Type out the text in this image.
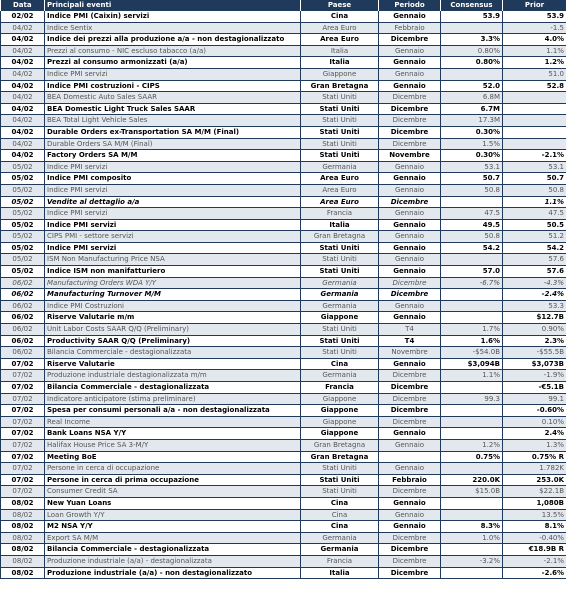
Data	Principali eventi	Paese	Periodo	Consensus	Prior
02/02	Indice PMI (Caixin) servizi	Cina	Gennaio	53.9	53.9
04/02	Indice Sentix	Area Euro	Febbraio		-1.5
04/02	Indice dei prezzi alla produzione a/a - non destagionalizzato	Area Euro	Dicembre	3.3%	4.0%
04/02	Prezzi al consumo - NIC escluso tabacco (a/a)	Italia	Gennaio	0.80%	1.1%
04/02	Prezzi al consumo armonizzati (a/a)	Italia	Gennaio	0.80%	1.2%
04/02	Indice PMI servizi	Giappone	Gennaio		51.0
04/02	Indice PMI costruzioni - CIPS	Gran Bretagna	Gennaio	52.0	52.8
04/02	BEA Domestic Auto Sales SAAR	Stati Uniti	Dicembre	6.8M	
04/02	BEA Domestic Light Truck Sales SAAR	Stati Uniti	Dicembre	6.7M	
04/02	BEA Total Light Vehicle Sales	Stati Uniti	Dicembre	17.3M	
04/02	Durable Orders ex-Transportation SA M/M (Final)	Stati Uniti	Dicembre	0.30%	
04/02	Durable Orders SA M/M (Final)	Stati Uniti	Dicembre	1.5%	
04/02	Factory Orders SA M/M	Stati Uniti	Novembre	0.30%	-2.1%
05/02	Indice PMI servizi	Germania	Gennaio	53.1	53.1
05/02	Indice PMI composito	Area Euro	Gennaio	50.7	50.7
05/02	Indice PMI servizi	Area Euro	Gennaio	50.8	50.8
05/02	Vendite al dettaglio a/a	Area Euro	Dicembre		1.1%
05/02	Indice PMI servizi	Francia	Gennaio	47.5	47.5
05/02	Indice PMI servizi	Italia	Gennaio	49.5	50.5
05/02	CIPS PMI - settore servizi	Gran Bretagna	Gennaio	50.8	51.2
05/02	Indice PMI servizi	Stati Uniti	Gennaio	54.2	54.2
05/02	ISM Non Manufacturing Price NSA	Stati Uniti	Gennaio		57.6
05/02	Indice ISM non manifatturiero	Stati Uniti	Gennaio	57.0	57.6
06/02	Manufacturing Orders WDA Y/Y	Germania	Dicembre	-6.7%	-4.3%
06/02	Manufacturing Turnover M/M	Germania	Dicembre		-2.4%
06/02	Indice PMI Costruzioni	Germania	Gennaio		53.3
06/02	Riserve Valutarie m/m	Giappone	Gennaio		$12.7B
06/02	Unit Labor Costs SAAR Q/Q (Preliminary)	Stati Uniti	T4	1.7%	0.90%
06/02	Productivity SAAR Q/Q (Preliminary)	Stati Uniti	T4	1.6%	2.3%
06/02	Bilancia Commerciale - destagionalizzata	Stati Uniti	Novembre	-$54.0B	-$55.5B
07/02	Riserve Valutarie	Cina	Gennaio	$3,094B	$3,073B
07/02	Produzione industriale destagionalizzata m/m	Germania	Dicembre	1.1%	-1.9%
07/02	Bilancia Commerciale - destagionalizzata	Francia	Dicembre		-€5.1B
07/02	Indicatore anticipatore (stima preliminare)	Giappone	Dicembre	99.3	99.1
07/02	Spesa per consumi personali a/a - non destagionalizzata	Giappone	Dicembre		-0.60%
07/02	Real Income	Giappone	Dicembre		0.10%
07/02	Bank Loans NSA Y/Y	Giappone	Gennaio		2.4%
07/02	Halifax House Price SA 3-M/Y	Gran Bretagna	Gennaio	1.2%	1.3%
07/02	Meeting BoE	Gran Bretagna		0.75%	0.75% R
07/02	Persone in cerca di occupazione	Stati Uniti	Gennaio		1.782K
07/02	Persone in cerca di prima occupazione	Stati Uniti	Febbraio	220.0K	253.0K
07/02	Consumer Credit SA	Stati Uniti	Dicembre	$15.0B	$22.1B
08/02	New Yuan Loans	Cina	Gennaio		1,080B
08/02	Loan Growth Y/Y	Cina	Gennaio		13.5%
08/02	M2 NSA Y/Y	Cina	Gennaio	8.3%	8.1%
08/02	Export SA M/M	Germania	Dicembre	1.0%	-0.40%
08/02	Bilancia Commerciale - destagionalizzata	Germania	Dicembre		€18.9B R
08/02	Produzione industriale (a/a) - destagionalizzata	Francia	Dicembre	-3.2%	-2.1%
08/02	Produzione industriale (a/a) - non destagionalizzato	Italia	Dicembre		-2.6%
